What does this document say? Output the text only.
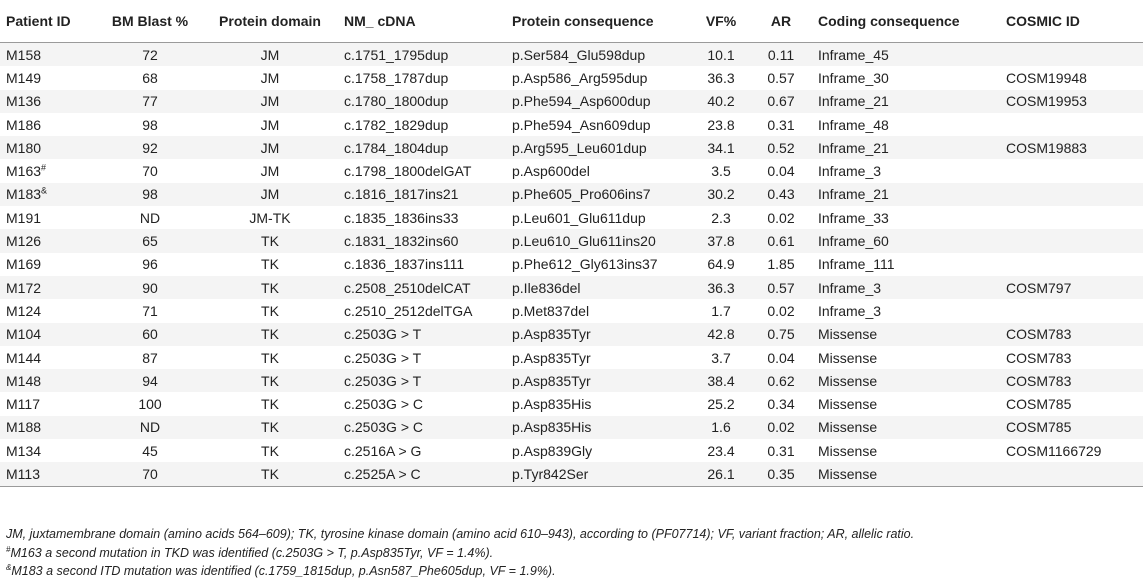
Patient ID	BM Blast %	Protein domain	NM_ cDNA	Protein consequence	VF%	AR	Coding consequence	COSMIC ID
M158	72	JM	c.1751_1795dup	p.Ser584_Glu598dup	10.1	0.11	Inframe_45	
M149	68	JM	c.1758_1787dup	p.Asp586_Arg595dup	36.3	0.57	Inframe_30	COSM19948
M136	77	JM	c.1780_1800dup	p.Phe594_Asp600dup	40.2	0.67	Inframe_21	COSM19953
M186	98	JM	c.1782_1829dup	p.Phe594_Asn609dup	23.8	0.31	Inframe_48	
M180	92	JM	c.1784_1804dup	p.Arg595_Leu601dup	34.1	0.52	Inframe_21	COSM19883
M163#	70	JM	c.1798_1800delGAT	p.Asp600del	3.5	0.04	Inframe_3	
M183&	98	JM	c.1816_1817ins21	p.Phe605_Pro606ins7	30.2	0.43	Inframe_21	
M191	ND	JM-TK	c.1835_1836ins33	p.Leu601_Glu611dup	2.3	0.02	Inframe_33	
M126	65	TK	c.1831_1832ins60	p.Leu610_Glu611ins20	37.8	0.61	Inframe_60	
M169	96	TK	c.1836_1837ins111	p.Phe612_Gly613ins37	64.9	1.85	Inframe_111	
M172	90	TK	c.2508_2510delCAT	p.Ile836del	36.3	0.57	Inframe_3	COSM797
M124	71	TK	c.2510_2512delTGA	p.Met837del	1.7	0.02	Inframe_3	
M104	60	TK	c.2503G > T	p.Asp835Tyr	42.8	0.75	Missense	COSM783
M144	87	TK	c.2503G > T	p.Asp835Tyr	3.7	0.04	Missense	COSM783
M148	94	TK	c.2503G > T	p.Asp835Tyr	38.4	0.62	Missense	COSM783
M117	100	TK	c.2503G > C	p.Asp835His	25.2	0.34	Missense	COSM785
M188	ND	TK	c.2503G > C	p.Asp835His	1.6	0.02	Missense	COSM785
M134	45	TK	c.2516A > G	p.Asp839Gly	23.4	0.31	Missense	COSM1166729
M113	70	TK	c.2525A > C	p.Tyr842Ser	26.1	0.35	Missense	

JM, juxtamembrane domain (amino acids 564–609); TK, tyrosine kinase domain (amino acid 610–943), according to (PF07714); VF, variant fraction; AR, allelic ratio.

#M163 a second mutation in TKD was identified (c.2503G > T, p.Asp835Tyr, VF = 1.4%).

&M183 a second ITD mutation was identified (c.1759_1815dup, p.Asn587_Phe605dup, VF = 1.9%).
